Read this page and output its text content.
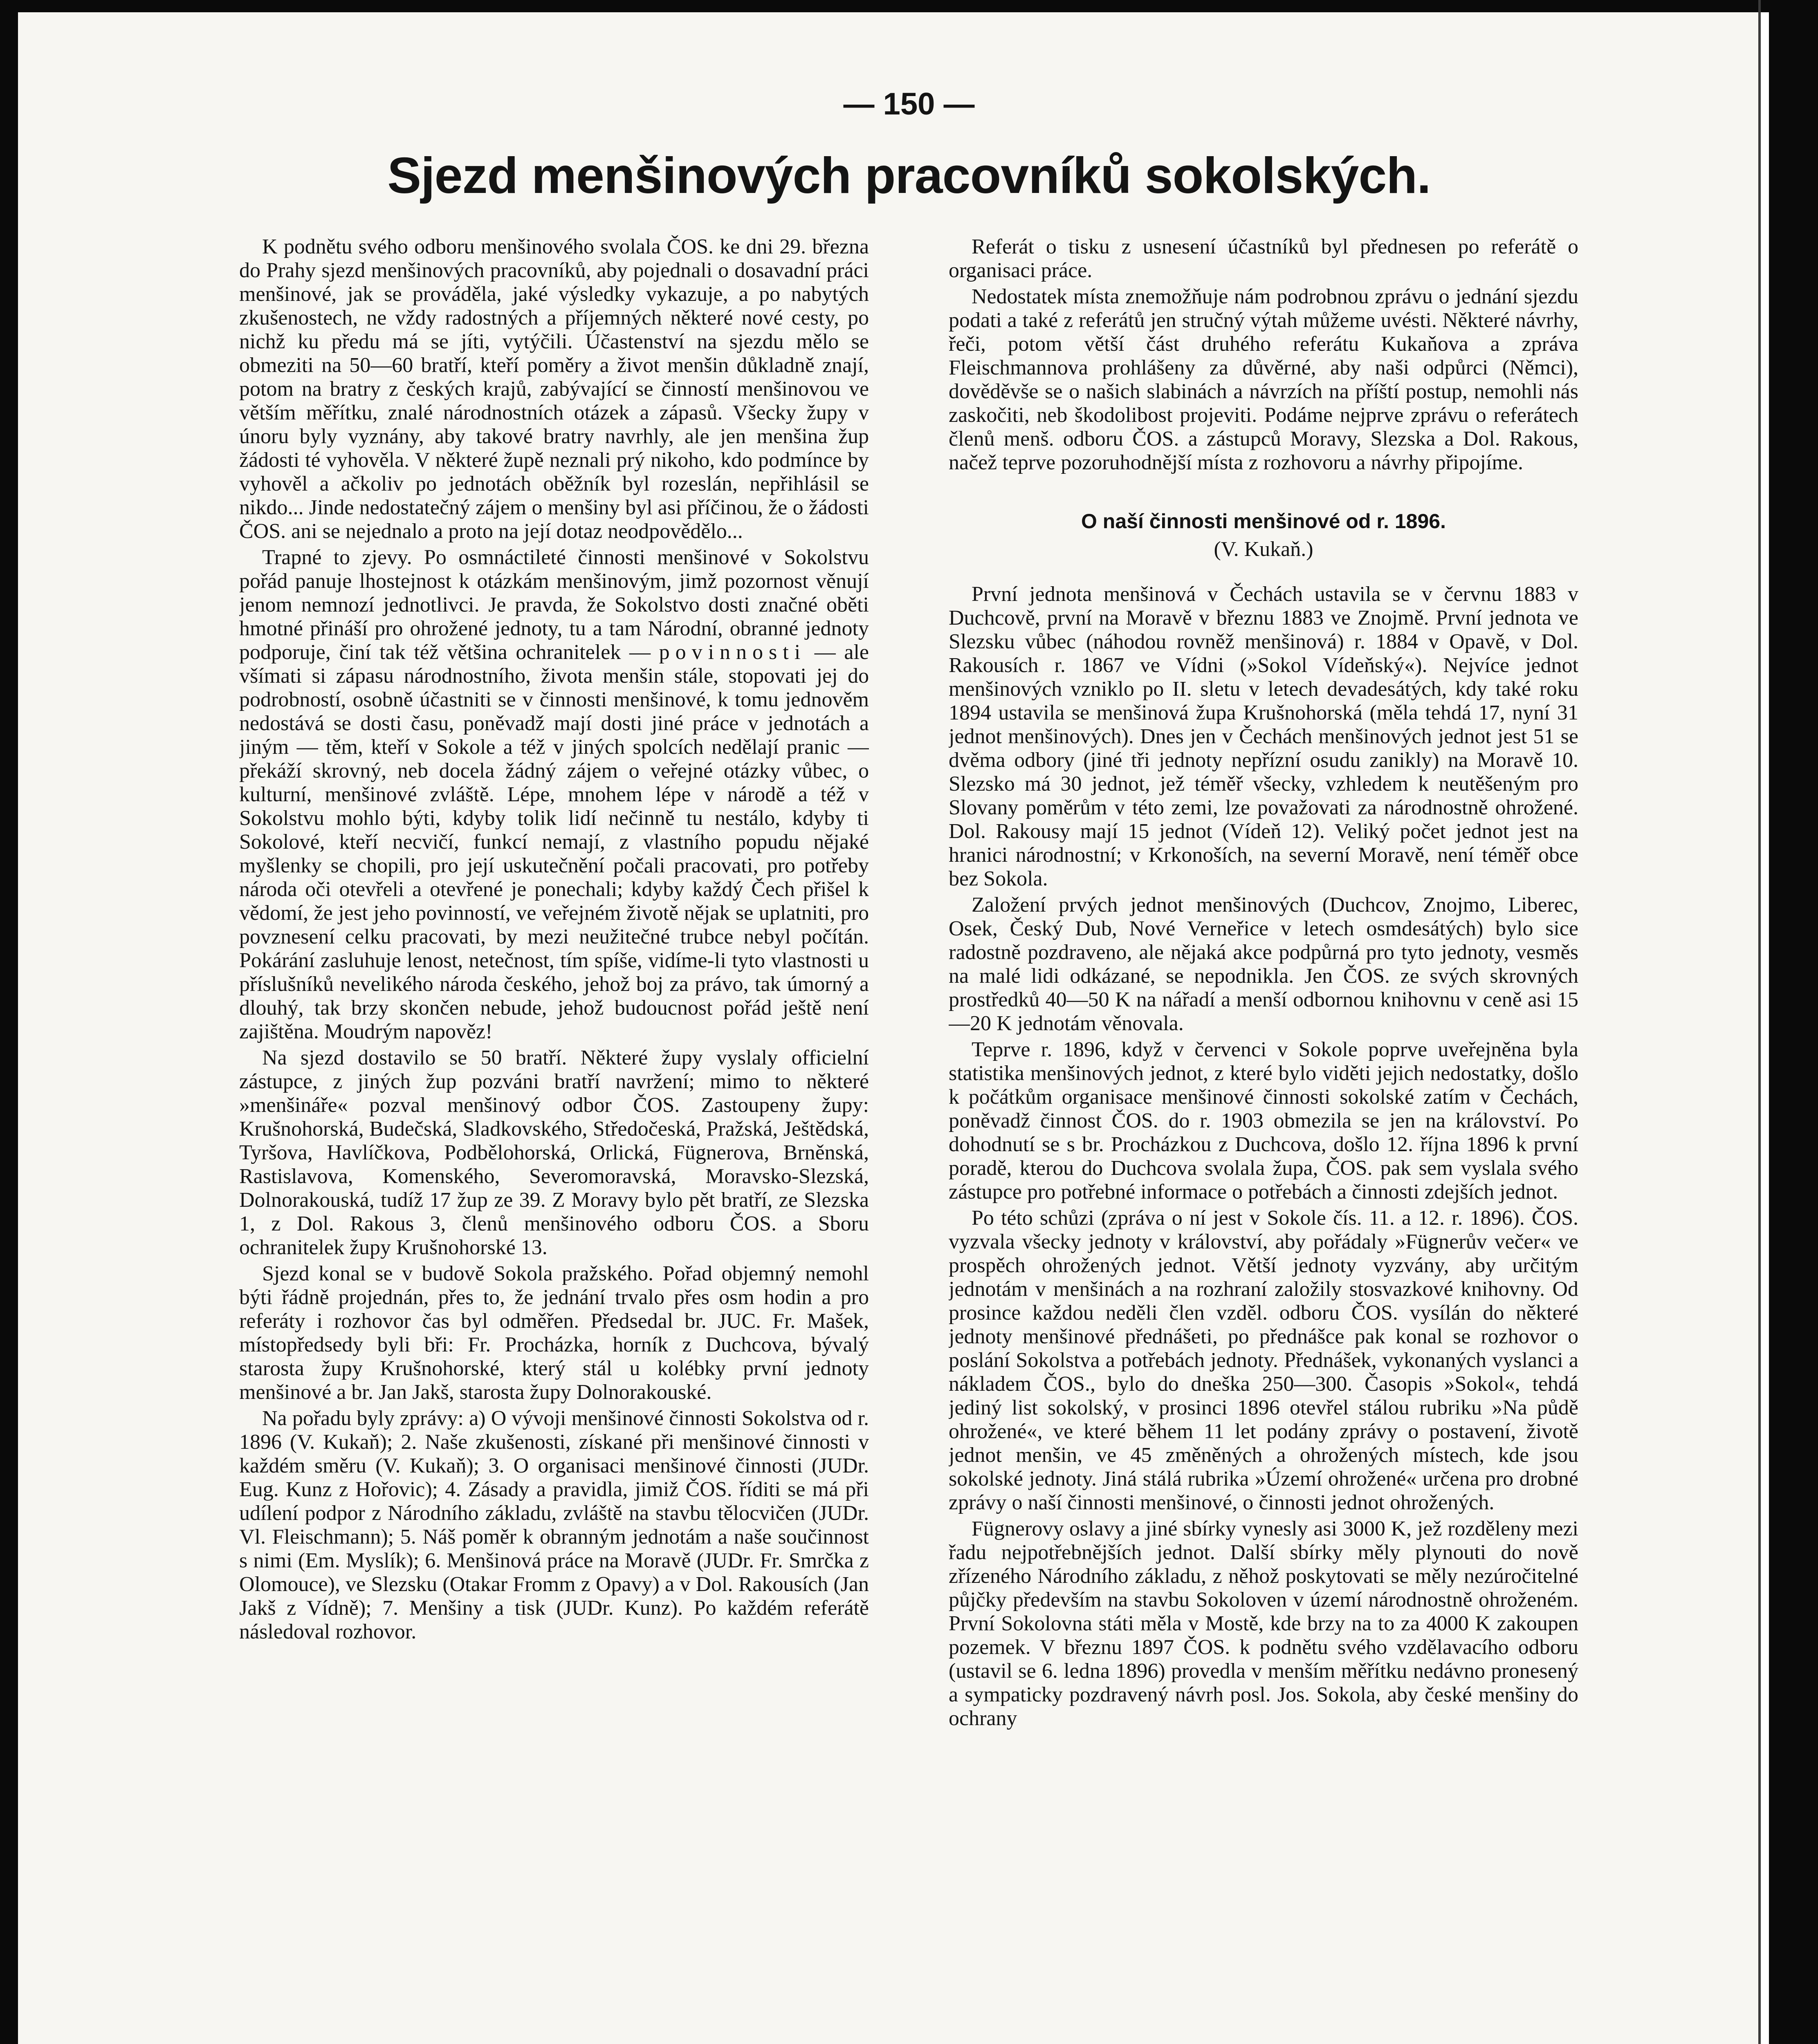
— 150 —
Sjezd menšinových pracovníků sokolských.

K podnětu svého odboru menšinového svolala ČOS. ke dni 29. března do Prahy sjezd menšinových pracovníků, aby pojednali o dosavadní práci menšinové, jak se prováděla, jaké výsledky vykazuje, a po nabytých zkušenostech, ne vždy radostných a příjemných některé nové cesty, po nichž ku předu má se jíti, vytýčili. Účastenství na sjezdu mělo se obmeziti na 50—60 bratří, kteří poměry a život menšin důkladně znají, potom na bratry z českých krajů, zabývající se činností menšinovou ve větším měřítku, znalé národnostních otázek a zápasů. Všecky župy v únoru byly vyznány, aby takové bratry navrhly, ale jen menšina žup žádosti té vyhověla. V některé župě neznali prý nikoho, kdo podmínce by vyhověl a ačkoliv po jednotách oběžník byl rozeslán, nepřihlásil se nikdo... Jinde nedostatečný zájem o menšiny byl asi příčinou, že o žádosti ČOS. ani se nejednalo a proto na její dotaz neodpovědělo...

Trapné to zjevy. Po osmnáctileté činnosti menšinové v Sokolstvu pořád panuje lhostejnost k otázkám menšinovým, jimž pozornost věnují jenom nemnozí jednotlivci. Je pravda, že Sokolstvo dosti značné oběti hmotné přináší pro ohrožené jednoty, tu a tam Národní, obranné jednoty podporuje, činí tak též většina ochranitelek — povinnosti — ale všímati si zápasu národnostního, života menšin stále, stopovati jej do podrobností, osobně účastniti se v činnosti menšinové, k tomu jednověm nedostává se dosti času, poněvadž mají dosti jiné práce v jednotách a jiným — těm, kteří v Sokole a též v jiných spolcích nedělají pranic — překáží skrovný, neb docela žádný zájem o veřejné otázky vůbec, o kulturní, menšinové zvláště. Lépe, mnohem lépe v národě a též v Sokolstvu mohlo býti, kdyby tolik lidí nečinně tu nestálo, kdyby ti Sokolové, kteří necvičí, funkcí nemají, z vlastního popudu nějaké myšlenky se chopili, pro její uskutečnění počali pracovati, pro potřeby národa oči otevřeli a otevřené je ponechali; kdyby každý Čech přišel k vědomí, že jest jeho povinností, ve veřejném životě nějak se uplatniti, pro povznesení celku pracovati, by mezi neužitečné trubce nebyl počítán. Pokárání zasluhuje lenost, netečnost, tím spíše, vidíme-li tyto vlastnosti u příslušníků nevelikého národa českého, jehož boj za právo, tak úmorný a dlouhý, tak brzy skončen nebude, jehož budoucnost pořád ještě není zajištěna. Moudrým napověz!

Na sjezd dostavilo se 50 bratří. Některé župy vyslaly officielní zástupce, z jiných žup pozváni bratří navržení; mimo to některé »menšináře« pozval menšinový odbor ČOS. Zastoupeny župy: Krušnohorská, Budečská, Sladkovského, Středočeská, Pražská, Ještědská, Tyršova, Havlíčkova, Podbělohorská, Orlická, Fügnerova, Brněnská, Rastislavova, Komenského, Severomoravská, Moravsko-Slezská, Dolnorakouská, tudíž 17 žup ze 39. Z Moravy bylo pět bratří, ze Slezska 1, z Dol. Rakous 3, členů menšinového odboru ČOS. a Sboru ochranitelek župy Krušnohorské 13.

Sjezd konal se v budově Sokola pražského. Pořad objemný nemohl býti řádně projednán, přes to, že jednání trvalo přes osm hodin a pro referáty i rozhovor čas byl odměřen. Předsedal br. JUC. Fr. Mašek, místopředsedy byli bři: Fr. Procházka, horník z Duchcova, bývalý starosta župy Krušnohorské, který stál u kolébky první jednoty menšinové a br. Jan Jakš, starosta župy Dolnorakouské.

Na pořadu byly zprávy: a) O vývoji menšinové činnosti Sokolstva od r. 1896 (V. Kukaň); 2. Naše zkušenosti, získané při menšinové činnosti v každém směru (V. Kukaň); 3. O organisaci menšinové činnosti (JUDr. Eug. Kunz z Hořovic); 4. Zásady a pravidla, jimiž ČOS. říditi se má při udílení podpor z Národního základu, zvláště na stavbu tělocvičen (JUDr. Vl. Fleischmann); 5. Náš poměr k obranným jednotám a naše součinnost s nimi (Em. Myslík); 6. Menšinová práce na Moravě (JUDr. Fr. Smrčka z Olomouce), ve Slezsku (Otakar Fromm z Opavy) a v Dol. Rakousích (Jan Jakš z Vídně); 7. Menšiny a tisk (JUDr. Kunz). Po každém referátě následoval rozhovor.

Referát o tisku z usnesení účastníků byl přednesen po referátě o organisaci práce.

Nedostatek místa znemožňuje nám podrobnou zprávu o jednání sjezdu podati a také z referátů jen stručný výtah můžeme uvésti. Některé návrhy, řeči, potom větší část druhého referátu Kukaňova a zpráva Fleischmannova prohlášeny za důvěrné, aby naši odpůrci (Němci), dověděvše se o našich slabinách a návrzích na příští postup, nemohli nás zaskočiti, neb škodolibost projeviti. Podáme nejprve zprávu o referátech členů menš. odboru ČOS. a zástupců Moravy, Slezska a Dol. Rakous, načež teprve pozoruhodnější místa z rozhovoru a návrhy připojíme.

O naší činnosti menšinové od r. 1896.
(V. Kukaň.)

První jednota menšinová v Čechách ustavila se v červnu 1883 v Duchcově, první na Moravě v březnu 1883 ve Znojmě. První jednota ve Slezsku vůbec (náhodou rovněž menšinová) r. 1884 v Opavě, v Dol. Rakousích r. 1867 ve Vídni (»Sokol Vídeňský«). Nejvíce jednot menšinových vzniklo po II. sletu v letech devadesátých, kdy také roku 1894 ustavila se menšinová župa Krušnohorská (měla tehdá 17, nyní 31 jednot menšinových). Dnes jen v Čechách menšinových jednot jest 51 se dvěma odbory (jiné tři jednoty nepřízní osudu zanikly) na Moravě 10. Slezsko má 30 jednot, jež téměř všecky, vzhledem k neutěšeným pro Slovany poměrům v této zemi, lze považovati za národnostně ohrožené. Dol. Rakousy mají 15 jednot (Vídeň 12). Veliký počet jednot jest na hranici národnostní; v Krkonoších, na severní Moravě, není téměř obce bez Sokola.

Založení prvých jednot menšinových (Duchcov, Znojmo, Liberec, Osek, Český Dub, Nové Verneřice v letech osmdesátých) bylo sice radostně pozdraveno, ale nějaká akce podpůrná pro tyto jednoty, vesměs na malé lidi odkázané, se nepodnikla. Jen ČOS. ze svých skrovných prostředků 40—50 K na nářadí a menší odbornou knihovnu v ceně asi 15—20 K jednotám věnovala.

Teprve r. 1896, když v červenci v Sokole poprve uveřejněna byla statistika menšinových jednot, z které bylo viděti jejich nedostatky, došlo k počátkům organisace menšinové činnosti sokolské zatím v Čechách, poněvadž činnost ČOS. do r. 1903 obmezila se jen na království. Po dohodnutí se s br. Procházkou z Duchcova, došlo 12. října 1896 k první poradě, kterou do Duchcova svolala župa, ČOS. pak sem vyslala svého zástupce pro potřebné informace o potřebách a činnosti zdejších jednot.

Po této schůzi (zpráva o ní jest v Sokole čís. 11. a 12. r. 1896). ČOS. vyzvala všecky jednoty v království, aby pořádaly »Fügnerův večer« ve prospěch ohrožených jednot. Větší jednoty vyzvány, aby určitým jednotám v menšinách a na rozhraní založily stosvazkové knihovny. Od prosince každou neděli člen vzděl. odboru ČOS. vysílán do některé jednoty menšinové přednášeti, po přednášce pak konal se rozhovor o poslání Sokolstva a potřebách jednoty. Přednášek, vykonaných vyslanci a nákladem ČOS., bylo do dneška 250—300. Časopis »Sokol«, tehdá jediný list sokolský, v prosinci 1896 otevřel stálou rubriku »Na půdě ohrožené«, ve které během 11 let podány zprávy o postavení, životě jednot menšin, ve 45 změněných a ohrožených místech, kde jsou sokolské jednoty. Jiná stálá rubrika »Území ohrožené« určena pro drobné zprávy o naší činnosti menšinové, o činnosti jednot ohrožených.

Fügnerovy oslavy a jiné sbírky vynesly asi 3000 K, jež rozděleny mezi řadu nejpotřebnějších jednot. Další sbírky měly plynouti do nově zřízeného Národního základu, z něhož poskytovati se měly nezúročitelné půjčky především na stavbu Sokoloven v území národnostně ohroženém. První Sokolovna státi měla v Mostě, kde brzy na to za 4000 K zakoupen pozemek. V březnu 1897 ČOS. k podnětu svého vzdělavacího odboru (ustavil se 6. ledna 1896) provedla v menším měřítku nedávno pronesený a sympaticky pozdravený návrh posl. Jos. Sokola, aby české menšiny do ochrany
